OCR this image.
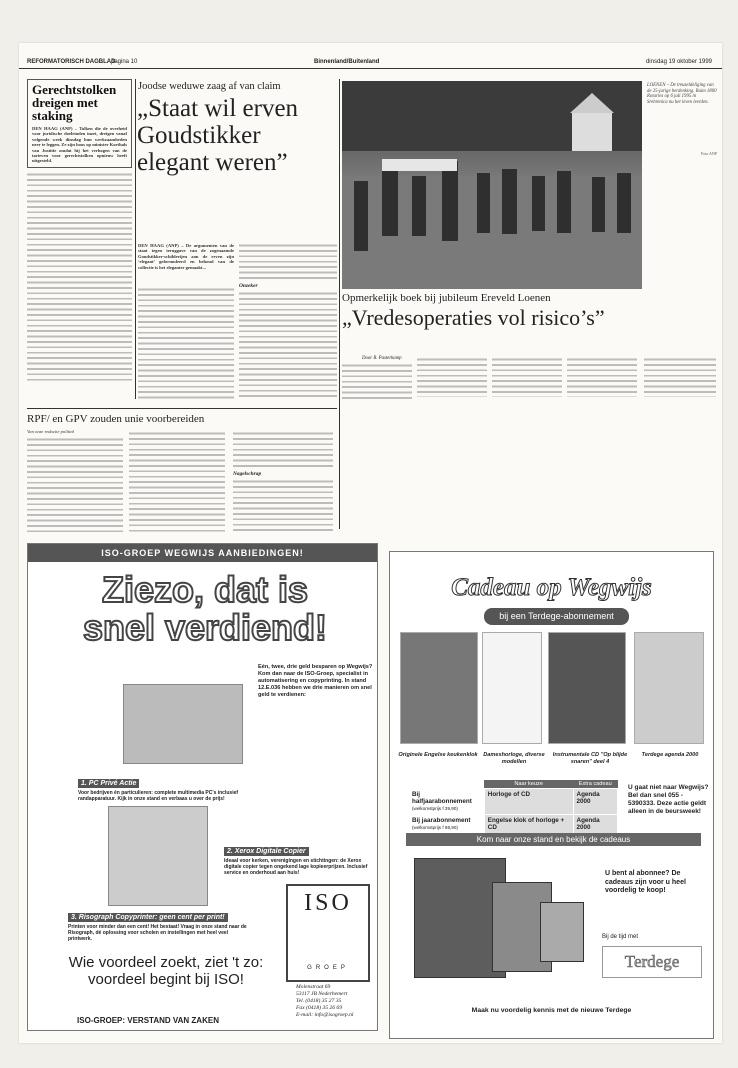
REFORMATORISCH DAGBLAD
pagina 10	Binnenland/Buitenland	dinsdag 19 oktober 1999
Gerechtstolken dreigen met staking
DEN HAAG (ANP) – Tolken die de overheid voor juridische doeleinden inzet, dreigen vanaf volgende week dinsdag hun werkzaamheden neer te leggen. Ze zijn boos op minister Korthals van Justitie omdat hij het verhogen van de tarieven voor gerechtstolken opnieuw heeft uitgesteld.
Joodse weduwe zaag af van claim
„Staat wil erven Goudstikker elegant weren”
DEN HAAG (ANP) – De argumenten van de staat tegen teruggave van de zogenaamde Goudstikker-schilderijen aan de erven zijn ‘elegant’ geformuleerd en behoud van de collectie is het eleganter gemaakt...
Onzeker
LOENEN – De treuzeldeliging van de 25-jarige herdenking. Ruim 1800 Rotaries op 6 juli 1995 in Srebrenica nu het leven leerden.
Foto ANP
Opmerkelijk boek bij jubileum Ereveld Loenen
„Vredesoperaties vol risico’s”
Door R. Pasterkamp
RPF/ en GPV zouden unie voorbereiden
Van onze redactie politiek
Nagelschrap
ISO-GROEP WEGWIJS AANBIEDINGEN!
Ziezo, dat is
snel verdiend!
Eén, twee, drie geld besparen op Wegwijs? Kom dan naar de ISO-Groep, specialist in automatisering en copyprinting. In stand 12.E.036 hebben we drie manieren om snel geld te verdienen:
1. PC Privé Actie
Voor bedrijven én particulieren: complete multimedia PC's inclusief randapparatuur. Kijk in onze stand en verbaas u over de prijs!
2. Xerox Digitale Copier
Ideaal voor kerken, verenigingen en stichtingen: de Xerox digitale copier tegen ongekend lage kopieerprijzen. Inclusief service en onderhoud aan huis!
3. Risograph Copyprinter: geen cent per print!
Printen voor minder dan een cent! Het bestaat! Vraag in onze stand naar de Risograph, dé oplossing voor scholen en instellingen met heel veel printwerk.
Wie voordeel zoekt, ziet 't zo: voordeel begint bij ISO!
ISO-GROEP: VERSTAND VAN ZAKEN
ISO
GROEP
Molenstraat 69
53117 JB Nederhemert
Tel. (0418) 35 27 35
Fax (0418) 35 26 69
E-mail: info@isogroep.nl
Cadeau op Wegwijs
bij een Terdege-abonnement
Originele Engelse keukenklok Dameshorloge, diverse modellen
Instrumentale CD "Op blijde snaren" deel 4
Terdege agenda 2000
	Naar keuze	Extra cadeau
Bij halfjaarabonnement
(welkomstprijs f 39,90)	Horloge of CD	Agenda 2000
Bij jaarabonnement
(welkomstprijs f 98,90)	Engelse klok of horloge + CD	Agenda 2000
U gaat niet naar Wegwijs? Bel dan snel 055 - 5390333. Deze actie geldt alleen in de beursweek!
Kom naar onze stand en bekijk de cadeaus
U bent al abonnee? De cadeaus zijn voor u heel voordelig te koop!
Bij de tijd met
Terdege
Maak nu voordelig kennis met de nieuwe Terdege
